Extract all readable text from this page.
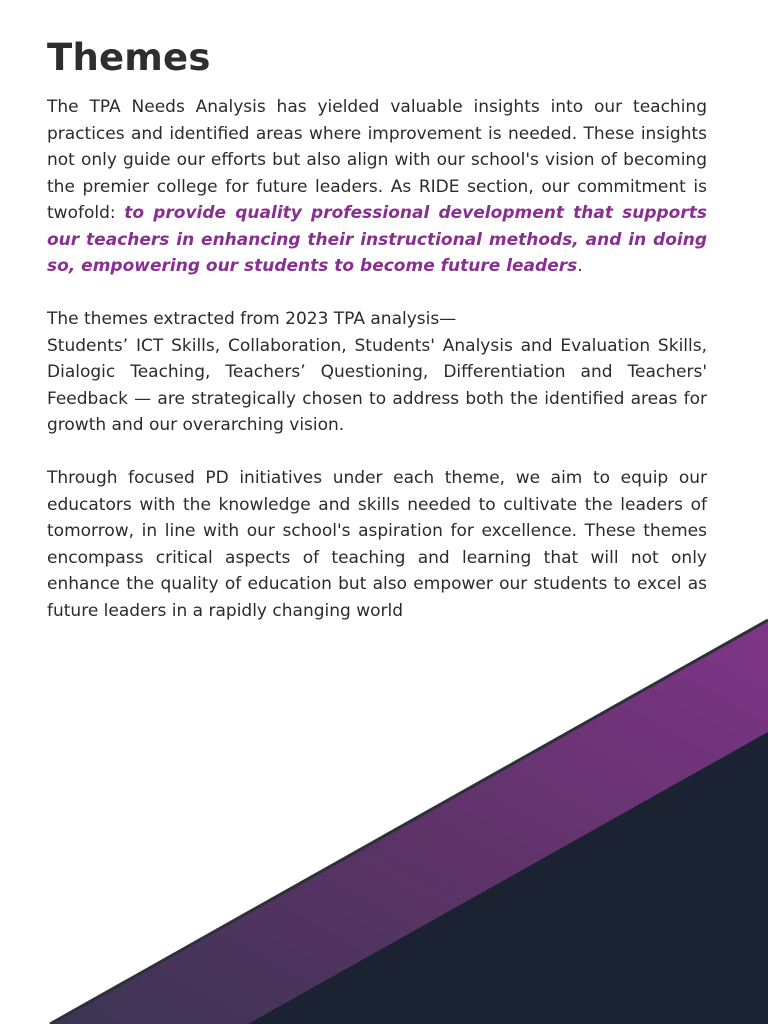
Themes

The TPA Needs Analysis has yielded valuable insights into our teaching practices and identified areas where improvement is needed. These insights not only guide our efforts but also align with our school's vision of becoming the premier college for future leaders. As RIDE section, our commitment is twofold: to provide quality professional development that supports our teachers in enhancing their instructional methods, and in doing so, empowering our students to become future leaders.

The themes extracted from 2023 TPA analysis—
Students’ ICT Skills, Collaboration, Students' Analysis and Evaluation Skills, Dialogic Teaching, Teachers’ Questioning, Differentiation and Teachers' Feedback — are strategically chosen to address both the identified areas for growth and our overarching vision.

Through focused PD initiatives under each theme, we aim to equip our educators with the knowledge and skills needed to cultivate the leaders of tomorrow, in line with our school's aspiration for excellence. These themes encompass critical aspects of teaching and learning that will not only enhance the quality of education but also empower our students to excel as future leaders in a rapidly changing world
